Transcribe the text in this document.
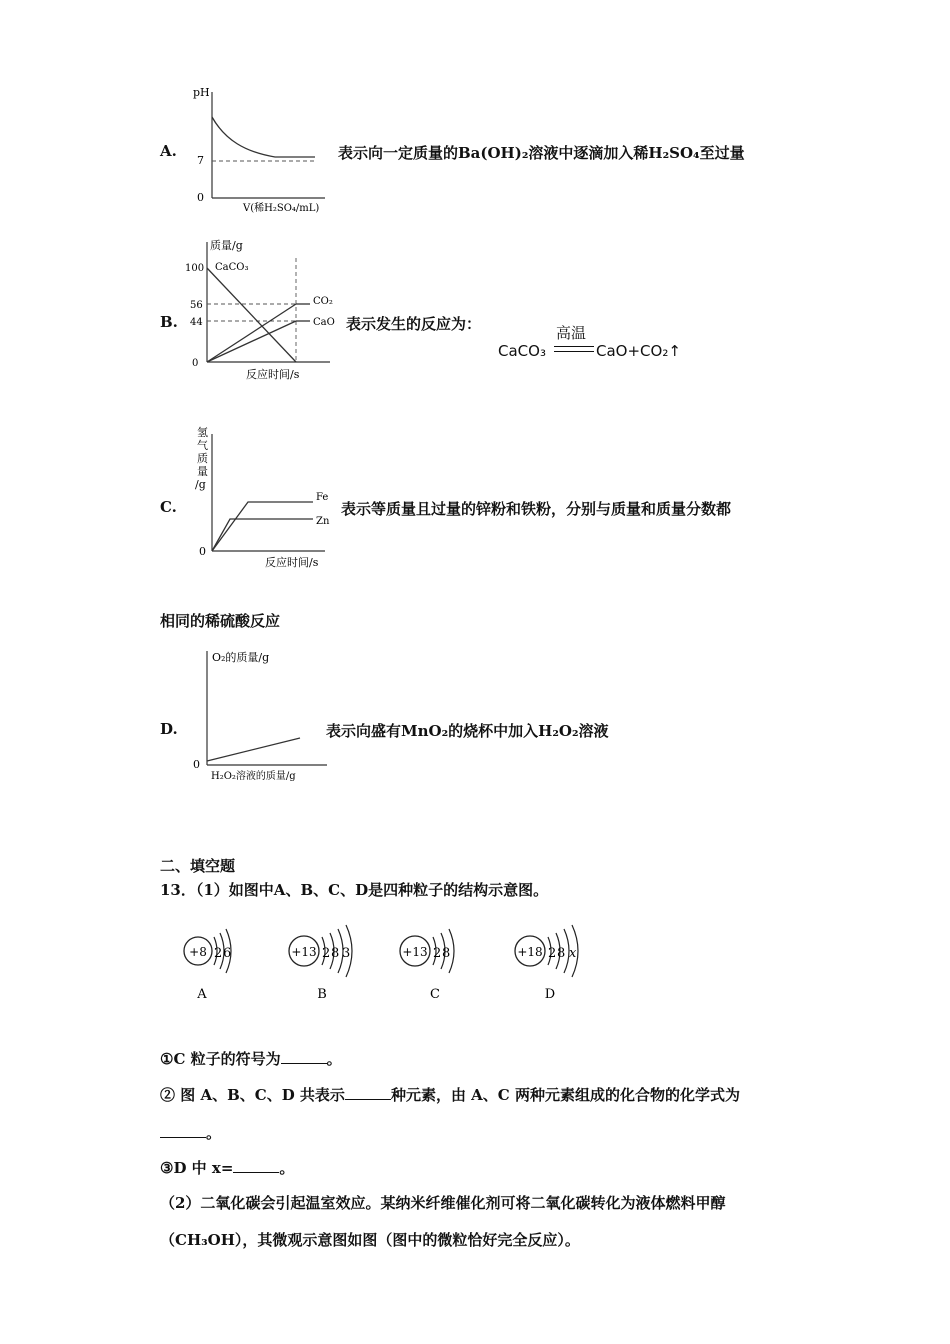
A.
pH
7
0
V(稀H₂SO₄/mL)
表示向一定质量的Ba(OH)₂溶液中逐滴加入稀H₂SO₄至过量
B.
质量/g
100 CaCO₃
56
44
CO₂
CaO
0
反应时间/s
表示发生的反应为：
CaCO₃
高温
CaO+CO₂↑
C.
氢
气
质
量
/g
Fe
Zn
0
反应时间/s
表示等质量且过量的锌粉和铁粉，分别与质量和质量分数都
相同的稀硫酸反应
D.
O₂的质量/g
0
H₂O₂溶液的质量/g
表示向盛有MnO₂的烧杯中加入H₂O₂溶液
二、填空题
13．（1）如图中A、B、C、D是四种粒子的结构示意图。
+8 2 6
A
+13 2 8 3
B
+13 2 8
C
+18 2 8 x
D
①C 粒子的符号为	。
② 图 A、B、C、D 共表示	种元素，由 A、C 两种元素组成的化合物的化学式为
。
③D 中 x=	。
（2）二氧化碳会引起温室效应。某纳米纤维催化剂可将二氧化碳转化为液体燃料甲醇
（CH₃OH），其微观示意图如图（图中的微粒恰好完全反应）。
